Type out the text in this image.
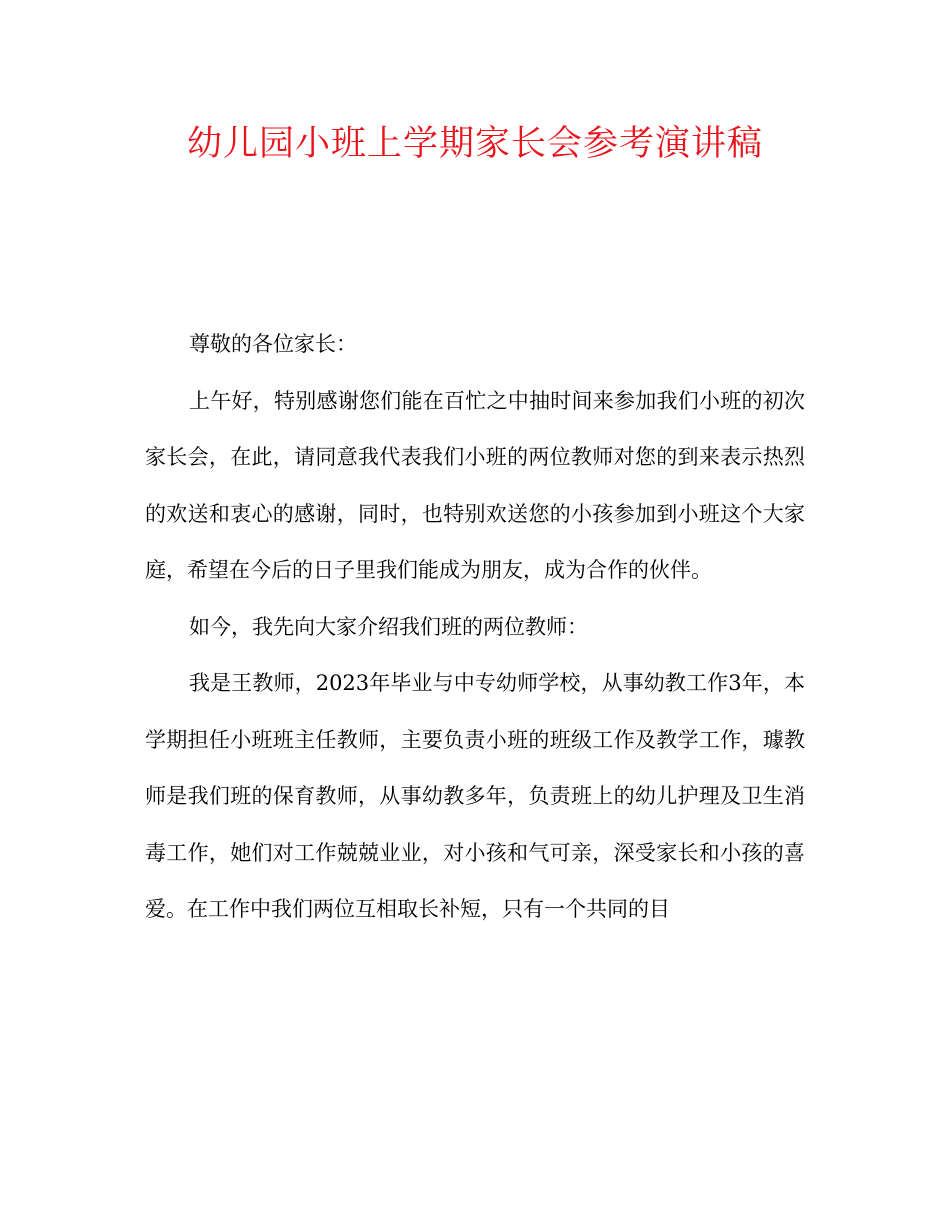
幼儿园小班上学期家长会参考演讲稿

尊敬的各位家长：

上午好，特别感谢您们能在百忙之中抽时间来参加我们小班的初次家长会，在此，请同意我代表我们小班的两位教师对您的到来表示热烈的欢送和衷心的感谢，同时，也特别欢送您的小孩参加到小班这个大家庭，希望在今后的日子里我们能成为朋友，成为合作的伙伴。

如今，我先向大家介绍我们班的两位教师：

我是王教师，2023年毕业与中专幼师学校，从事幼教工作3年，本学期担任小班班主任教师，主要负责小班的班级工作及教学工作，璩教师是我们班的保育教师，从事幼教多年，负责班上的幼儿护理及卫生消毒工作，她们对工作兢兢业业，对小孩和气可亲，深受家长和小孩的喜爱。在工作中我们两位互相取长补短，只有一个共同的目
